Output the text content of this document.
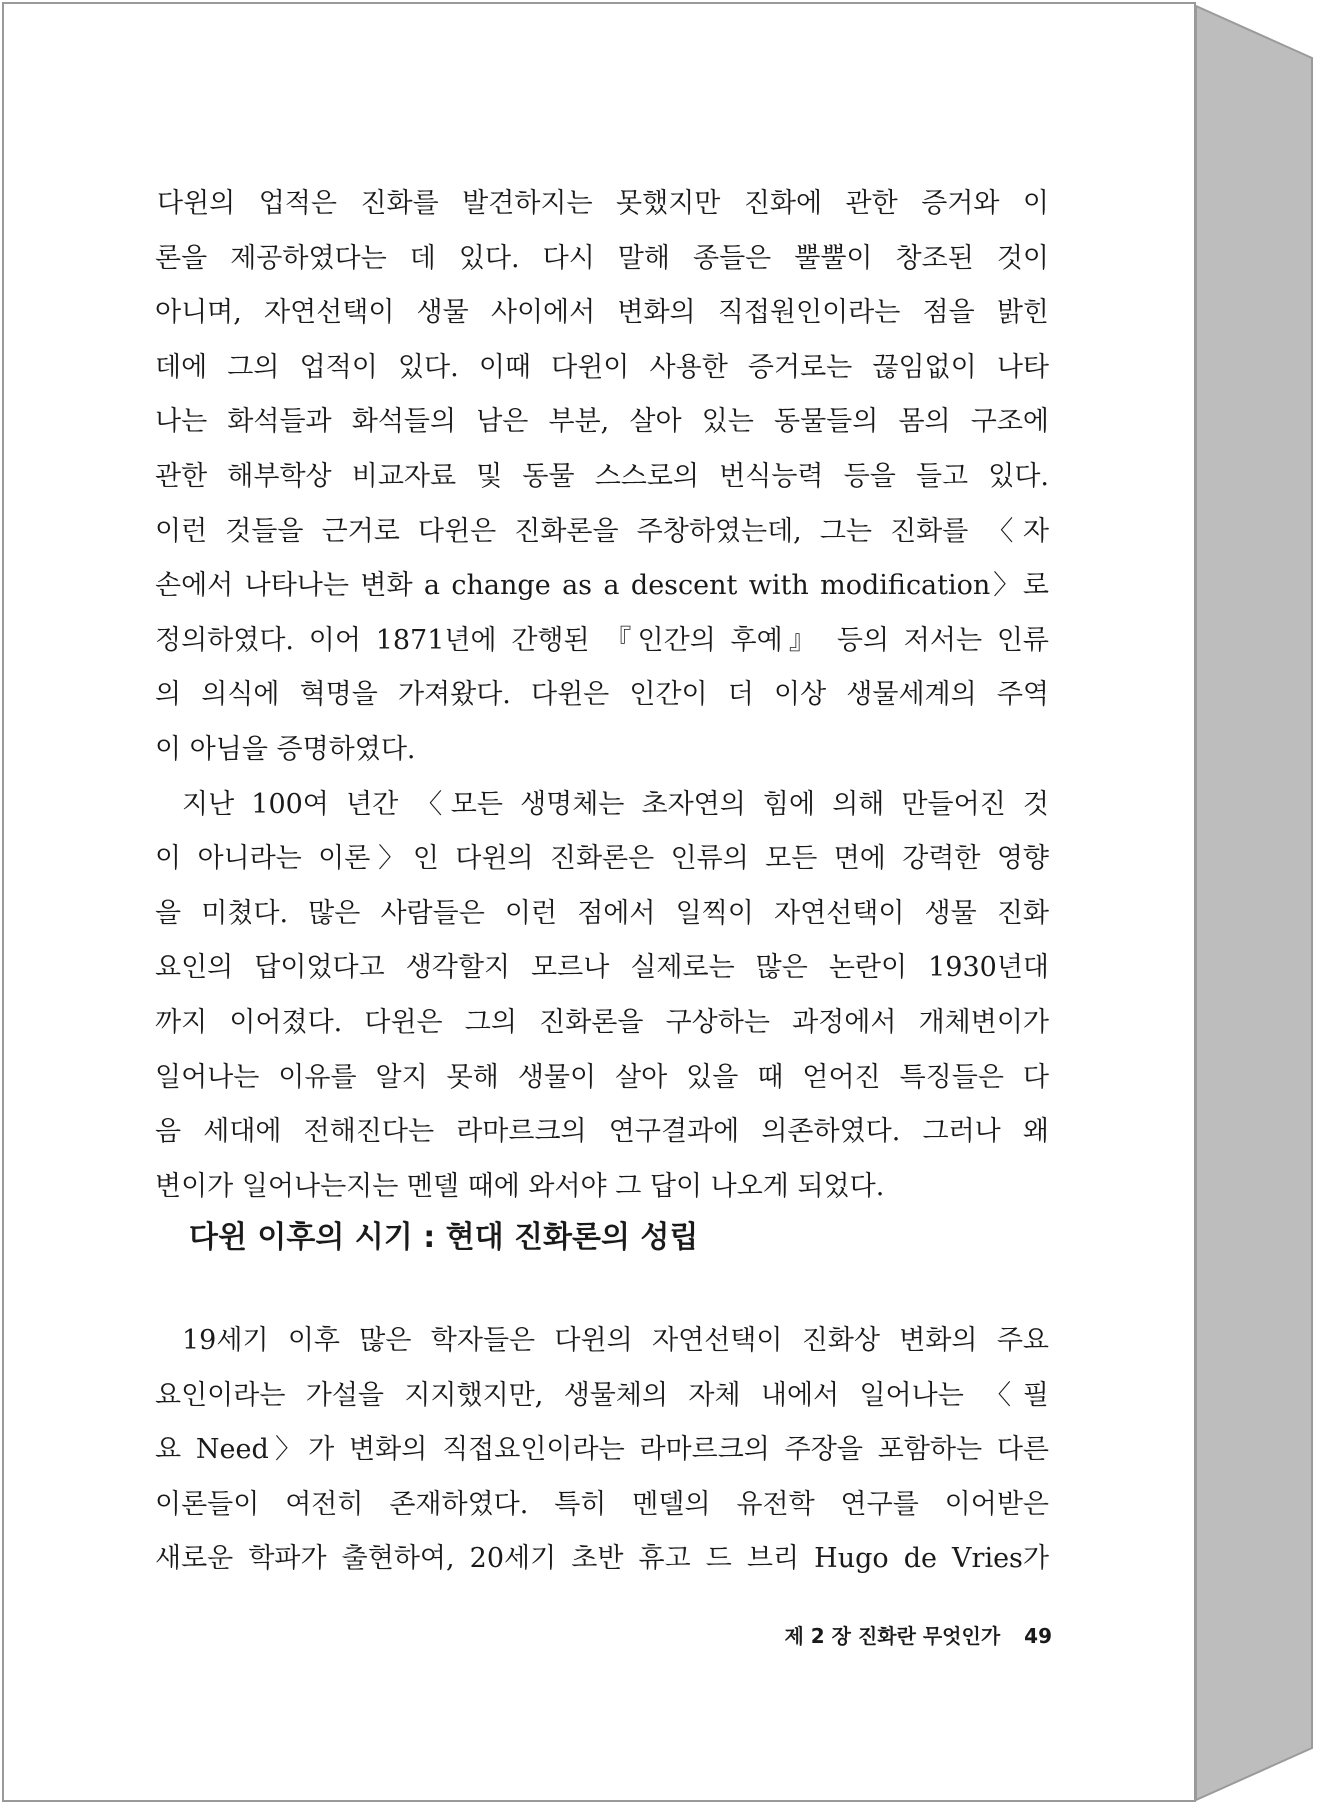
다윈의 업적은 진화를 발견하지는 못했지만 진화에 관한 증거와 이
론을 제공하였다는 데 있다. 다시 말해 종들은 뿔뿔이 창조된 것이
아니며, 자연선택이 생물 사이에서 변화의 직접원인이라는 점을 밝힌
데에 그의 업적이 있다. 이때 다윈이 사용한 증거로는 끊임없이 나타
나는 화석들과 화석들의 남은 부분, 살아 있는 동물들의 몸의 구조에
관한 해부학상 비교자료 및 동물 스스로의 번식능력 등을 들고 있다.
이런 것들을 근거로 다윈은 진화론을 주창하였는데, 그는 진화를 〈자
손에서 나타나는 변화 a change as a descent with modification〉로
정의하였다. 이어 1871년에 간행된 『인간의 후예』 등의 저서는 인류
의 의식에 혁명을 가져왔다. 다윈은 인간이 더 이상 생물세계의 주역
이 아님을 증명하였다.
지난 100여 년간 〈모든 생명체는 초자연의 힘에 의해 만들어진 것
이 아니라는 이론〉인 다윈의 진화론은 인류의 모든 면에 강력한 영향
을 미쳤다. 많은 사람들은 이런 점에서 일찍이 자연선택이 생물 진화
요인의 답이었다고 생각할지 모르나 실제로는 많은 논란이 1930년대
까지 이어졌다. 다윈은 그의 진화론을 구상하는 과정에서 개체변이가
일어나는 이유를 알지 못해 생물이 살아 있을 때 얻어진 특징들은 다
음 세대에 전해진다는 라마르크의 연구결과에 의존하였다. 그러나 왜
변이가 일어나는지는 멘델 때에 와서야 그 답이 나오게 되었다.
다윈 이후의 시기 : 현대 진화론의 성립
19세기 이후 많은 학자들은 다윈의 자연선택이 진화상 변화의 주요
요인이라는 가설을 지지했지만, 생물체의 자체 내에서 일어나는 〈필
요 Need〉가 변화의 직접요인이라는 라마르크의 주장을 포함하는 다른
이론들이 여전히 존재하였다. 특히 멘델의 유전학 연구를 이어받은
새로운 학파가 출현하여, 20세기 초반 휴고 드 브리 Hugo de Vries가
제 2 장 진화란 무엇인가 49
